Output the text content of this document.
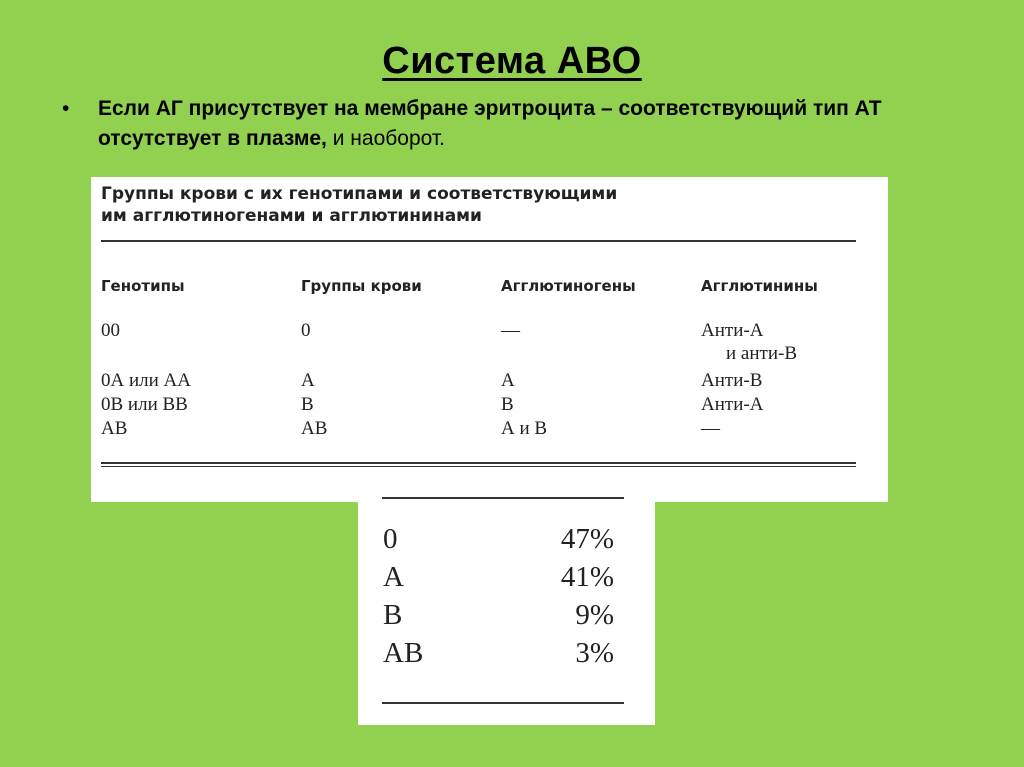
Система АВО
• Если АГ присутствует на мембране эритроцита – соответствующий тип АТ отсутствует в плазме, и наоборот.
Группы крови с их генотипами и соответствующими
им агглютиногенами и агглютининами
Генотипы	Группы крови	Агглютиногены	Агглютинины
00	0	—	Анти-А
и анти-В
0А или АА	А	А	Анти-В
0В или ВВ	В	В	Анти-А
АВ	АВ	А и В	—
0	47%
А	41%
В	9%
АВ	3%
